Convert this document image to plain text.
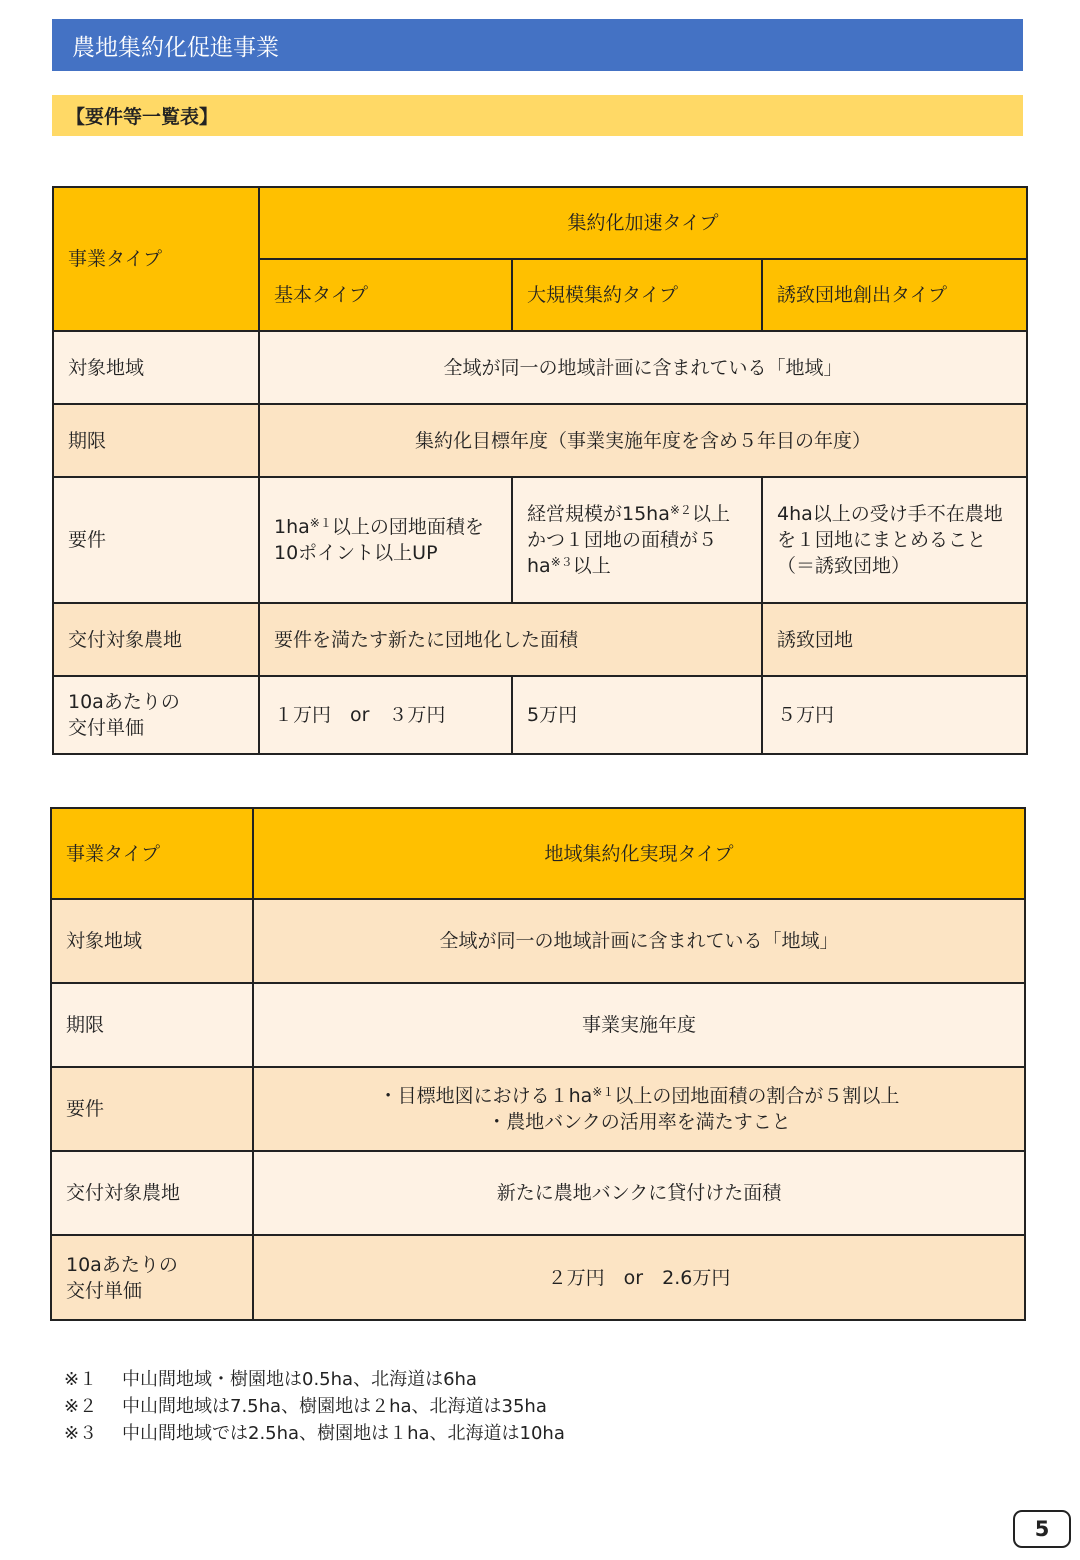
農地集約化促進事業
【要件等一覧表】
事業タイプ	集約化加速タイプ		
	基本タイプ	大規模集約タイプ	誘致団地創出タイプ
対象地域	全域が同一の地域計画に含まれている「地域」		
期限	集約化目標年度（事業実施年度を含め５年目の年度）		
要件	$1ha^{※1}$以上の団地面積を10ポイント以上UP	経営規模が$15ha^{※2}$以上かつ１団地の面積が$5ha^{※3}$以上	4ha以上の受け手不在農地を１団地にまとめること（＝誘致団地）
交付対象農地	要件を満たす新たに団地化した面積		誘致団地
10aあたりの
交付単価	１万円　or　３万円	5万円	５万円
事業タイプ	地域集約化実現タイプ
対象地域	全域が同一の地域計画に含まれている「地域」
期限	事業実施年度
要件	・目標地図における$1ha^{※1}$以上の団地面積の割合が５割以上
・農地バンクの活用率を満たすこと
交付対象農地	新たに農地バンクに貸付けた面積
10aあたりの
交付単価	２万円　or　2.6万円
※１ 中山間地域・樹園地は0.5ha、北海道は6ha
※２ 中山間地域は7.5ha、樹園地は２ha、北海道は35ha
※３ 中山間地域では2.5ha、樹園地は１ha、北海道は10ha
5
